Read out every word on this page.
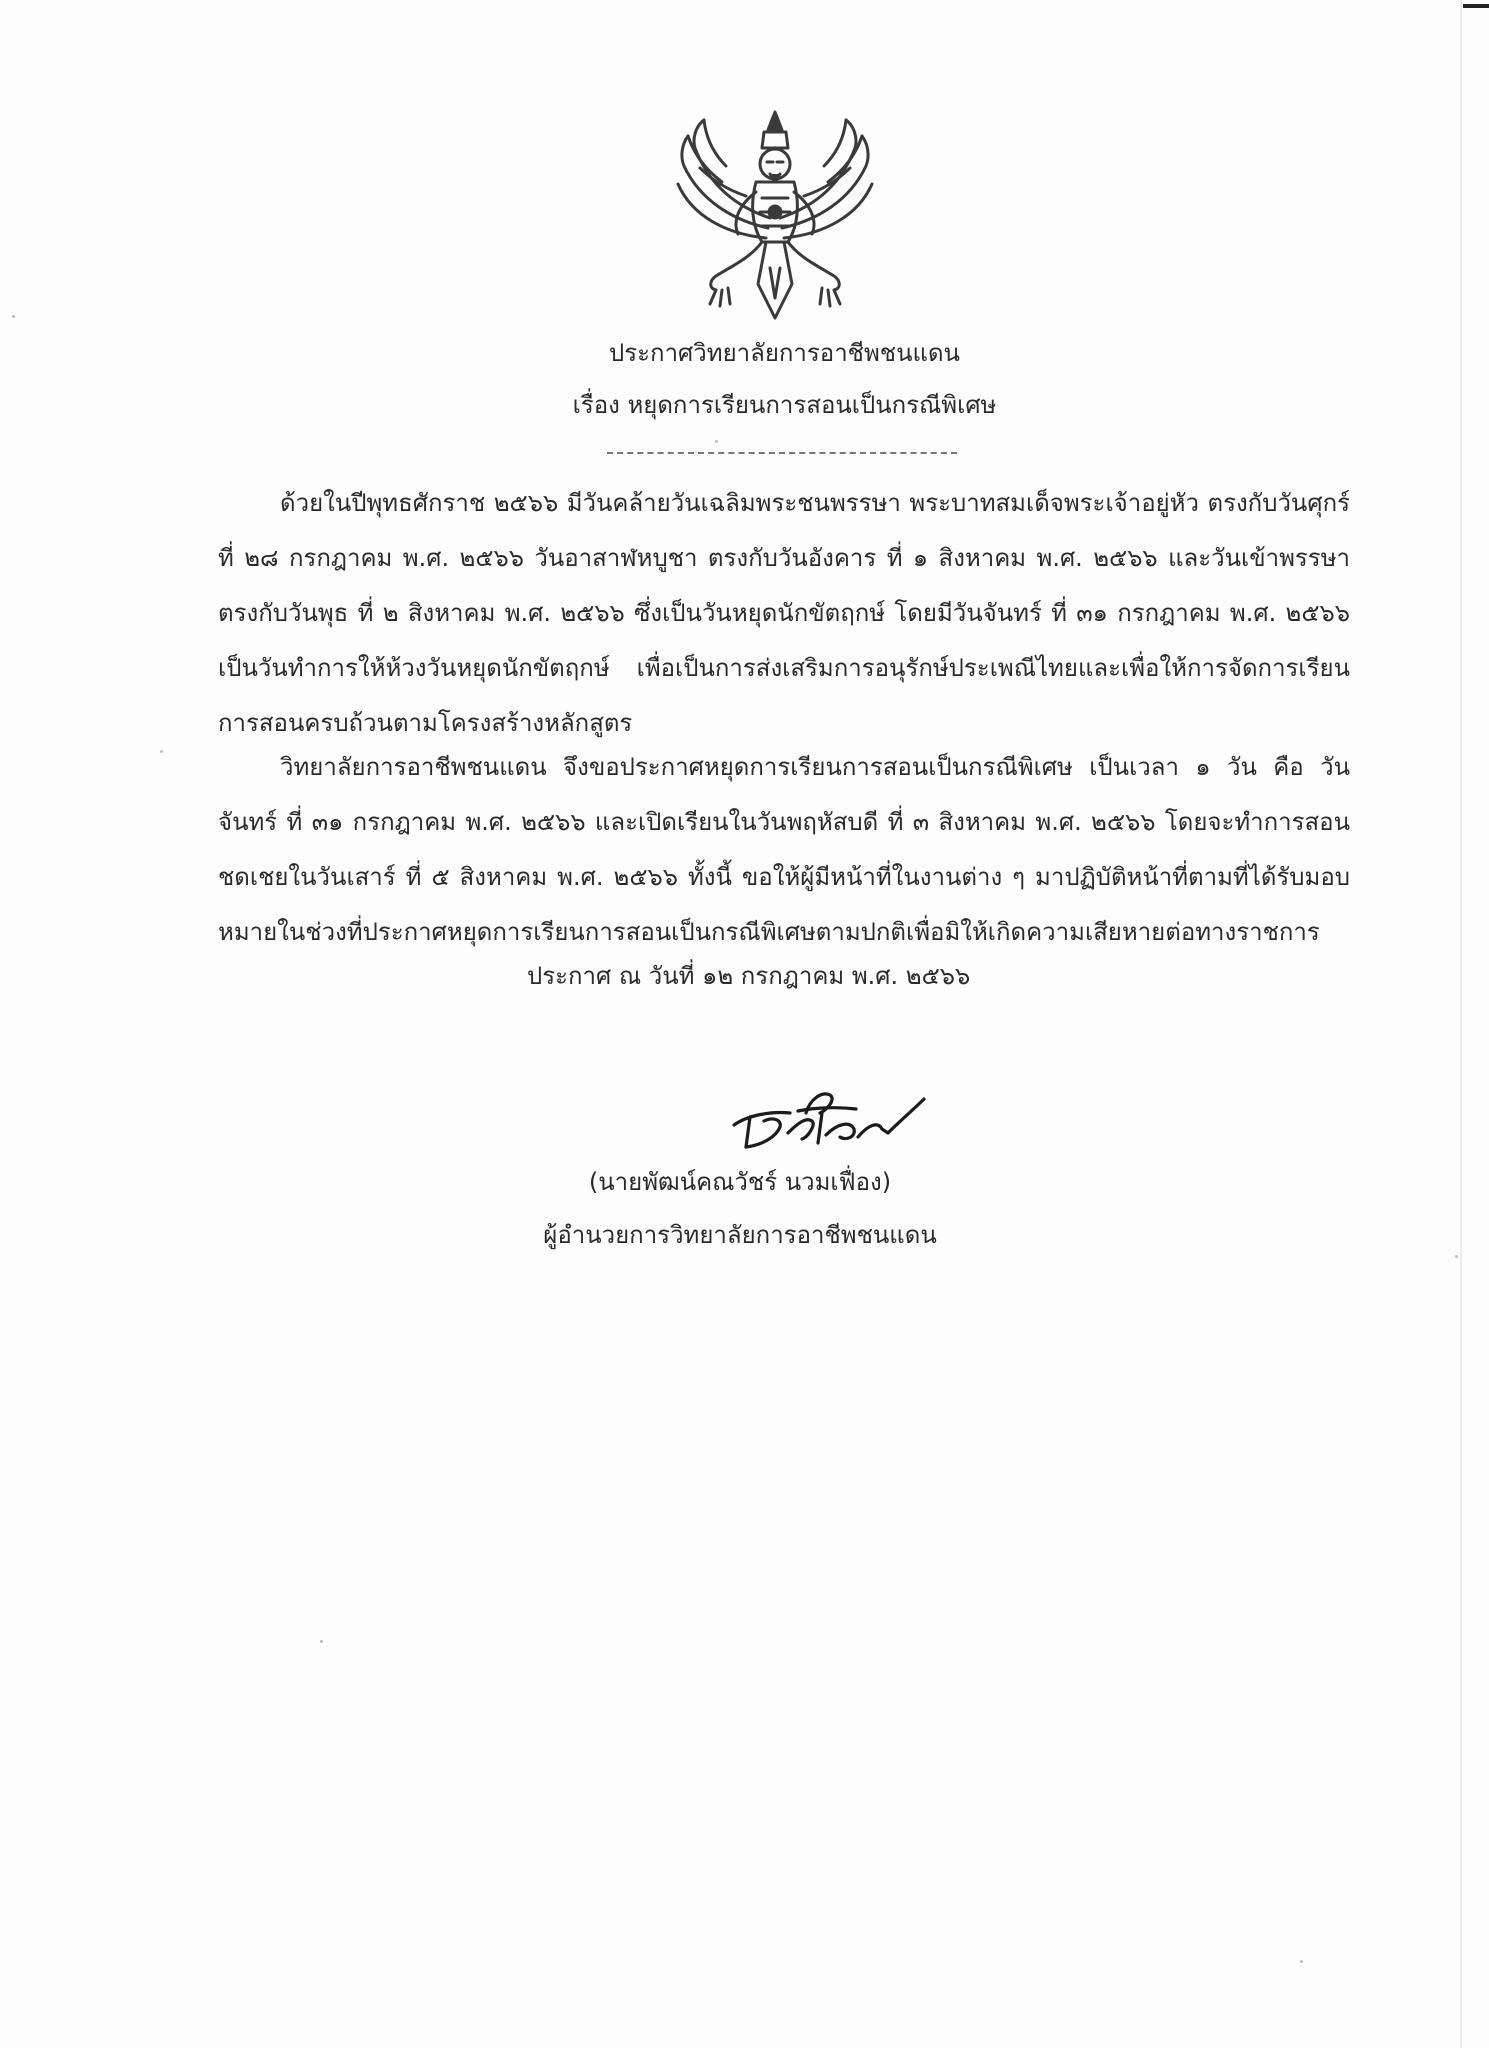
ประกาศวิทยาลัยการอาชีพชนแดน
เรื่อง หยุดการเรียนการสอนเป็นกรณีพิเศษ

ด้วยในปีพุทธศักราช ๒๕๖๖ มีวันคล้ายวันเฉลิมพระชนพรรษา พระบาทสมเด็จพระเจ้าอยู่หัว ตรงกับวันศุกร์ ที่ ๒๘ กรกฎาคม พ.ศ. ๒๕๖๖ วันอาสาฬหบูชา ตรงกับวันอังคาร ที่ ๑ สิงหาคม พ.ศ. ๒๕๖๖ และวันเข้าพรรษา ตรงกับวันพุธ ที่ ๒ สิงหาคม พ.ศ. ๒๕๖๖ ซึ่งเป็นวันหยุดนักขัตฤกษ์ โดยมีวันจันทร์ ที่ ๓๑ กรกฎาคม พ.ศ. ๒๕๖๖ เป็นวันทำการให้ห้วงวันหยุดนักขัตฤกษ์ เพื่อเป็นการส่งเสริมการอนุรักษ์ประเพณีไทยและเพื่อให้การจัดการเรียนการสอนครบถ้วนตามโครงสร้างหลักสูตร

วิทยาลัยการอาชีพชนแดน จึงขอประกาศหยุดการเรียนการสอนเป็นกรณีพิเศษ เป็นเวลา ๑ วัน คือ วันจันทร์ ที่ ๓๑ กรกฎาคม พ.ศ. ๒๕๖๖ และเปิดเรียนในวันพฤหัสบดี ที่ ๓ สิงหาคม พ.ศ. ๒๕๖๖ โดยจะทำการสอนชดเชยในวันเสาร์ ที่ ๕ สิงหาคม พ.ศ. ๒๕๖๖ ทั้งนี้ ขอให้ผู้มีหน้าที่ในงานต่าง ๆ มาปฏิบัติหน้าที่ตามที่ได้รับมอบหมายในช่วงที่ประกาศหยุดการเรียนการสอนเป็นกรณีพิเศษตามปกติเพื่อมิให้เกิดความเสียหายต่อทางราชการ

ประกาศ ณ วันที่ ๑๒ กรกฎาคม พ.ศ. ๒๕๖๖
(นายพัฒน์คณวัชร์ นวมเฟื่อง)
ผู้อำนวยการวิทยาลัยการอาชีพชนแดน
